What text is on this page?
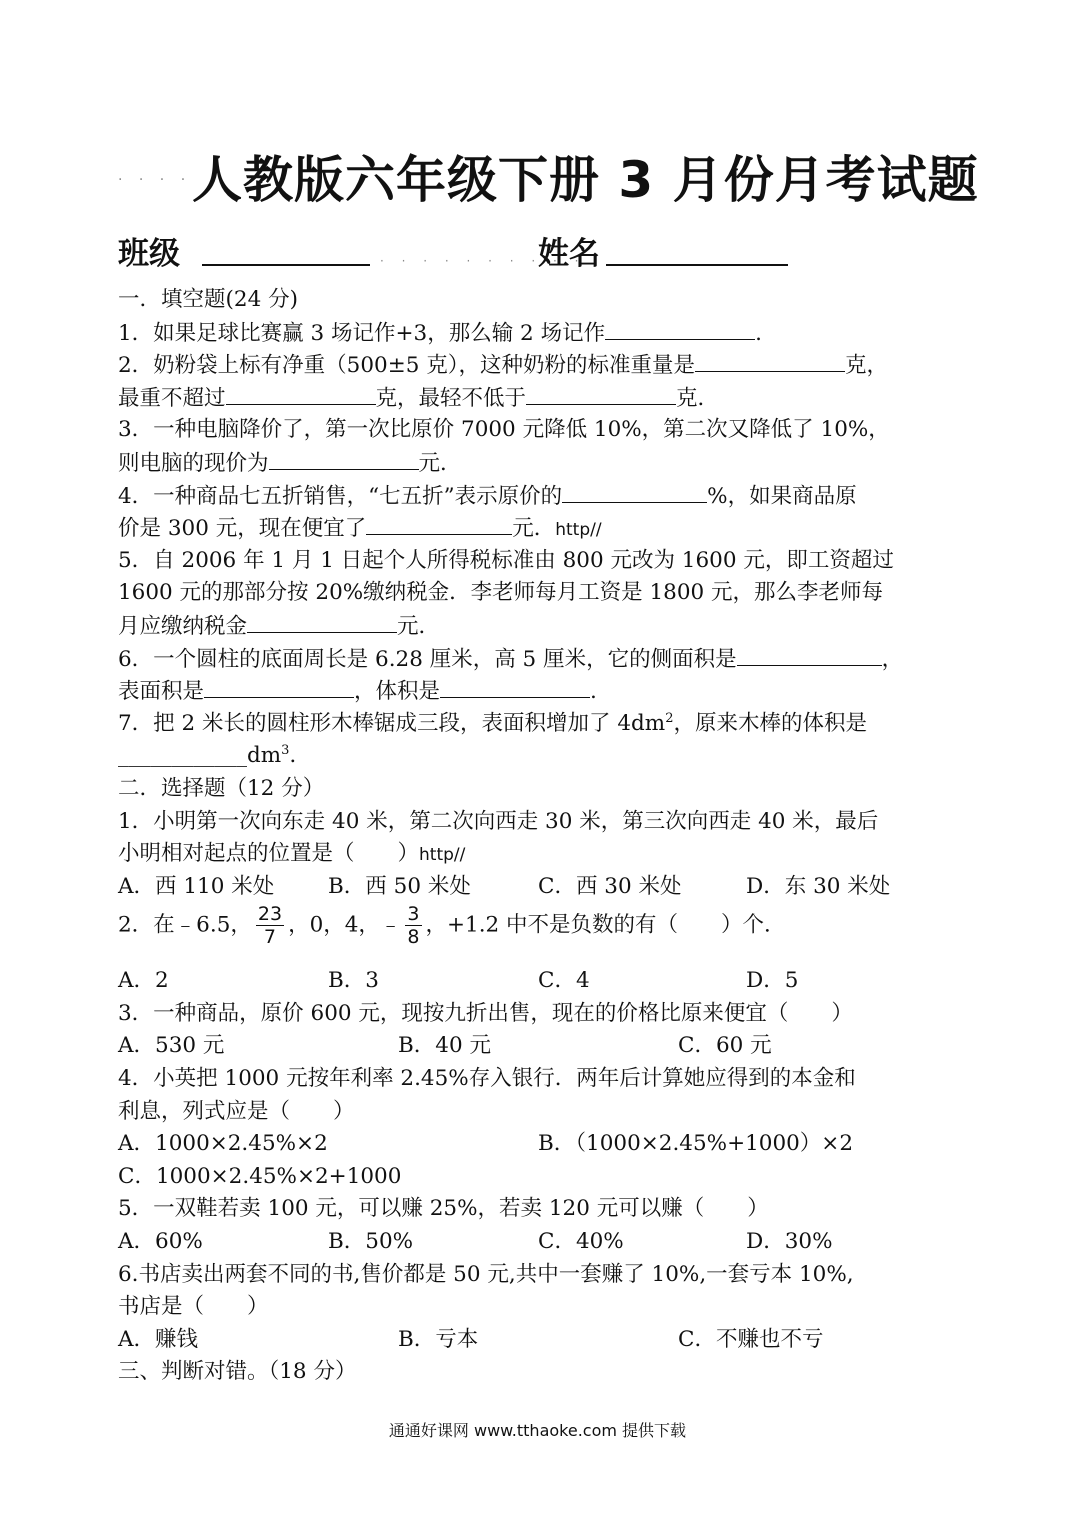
· · · · 人教版六年级下册 3 月份月考试题
班级	· · · · · · · · · ·
姓名
一．填空题(24 分)
1．如果足球比赛赢 3 场记作+3，那么输 2 场记作	.
2．奶粉袋上标有净重（500±5 克），这种奶粉的标准重量是	克，
最重不超过	克，最轻不低于	克．
3．一种电脑降价了，第一次比原价 7000 元降低 10%，第二次又降低了 10%，
则电脑的现价为	元．
4．一种商品七五折销售，“七五折”表示原价的	%，如果商品原
价是 300 元，现在便宜了	元．http//
5．自 2006 年 1 月 1 日起个人所得税标准由 800 元改为 1600 元，即工资超过
1600 元的那部分按 20%缴纳税金．李老师每月工资是 1800 元，那么李老师每
月应缴纳税金	元．
6．一个圆柱的底面周长是 6.28 厘米，高 5 厘米，它的侧面积是	，
表面积是	，体积是	.
7．把 2 米长的圆柱形木棒锯成三段，表面积增加了 $4dm^2$，原来木棒的体积是
$\_\_\_\_\_\_\_\_\_\_\_\_dm^3$．
二．选择题（12 分）
1．小明第一次向东走 40 米，第二次向西走 30 米，第三次向西走 40 米，最后
小明相对起点的位置是（　　）http//
A．西 110 米处	B．西 50 米处	C．西 30 米处	D．东 30 米处
2．在﹣6.5， $\frac{23}{7}$ ，0，4，﹣ $\frac{3}{8}$ ，+1.2 中不是负数的有（　　）个．
A．2	B．3	C．4	D．5
3．一种商品，原价 600 元，现按九折出售，现在的价格比原来便宜（　　）
A．530 元	B．40 元	C．60 元
4．小英把 1000 元按年利率 2.45%存入银行．两年后计算她应得到的本金和
利息，列式应是（　　）
A．1000×2.45%×2	B．（1000×2.45%+1000）×2
C．1000×2.45%×2+1000
5．一双鞋若卖 100 元，可以赚 25%，若卖 120 元可以赚（　　）
A．60%	B．50%	C．40%	D．30%
6.书店卖出两套不同的书,售价都是 50 元,共中一套赚了 10%,一套亏本 10%,
书店是（　　）
A．赚钱	B．亏本	C．不赚也不亏
三、判断对错。（18 分）
通通好课网 www.tthaoke.com 提供下载
